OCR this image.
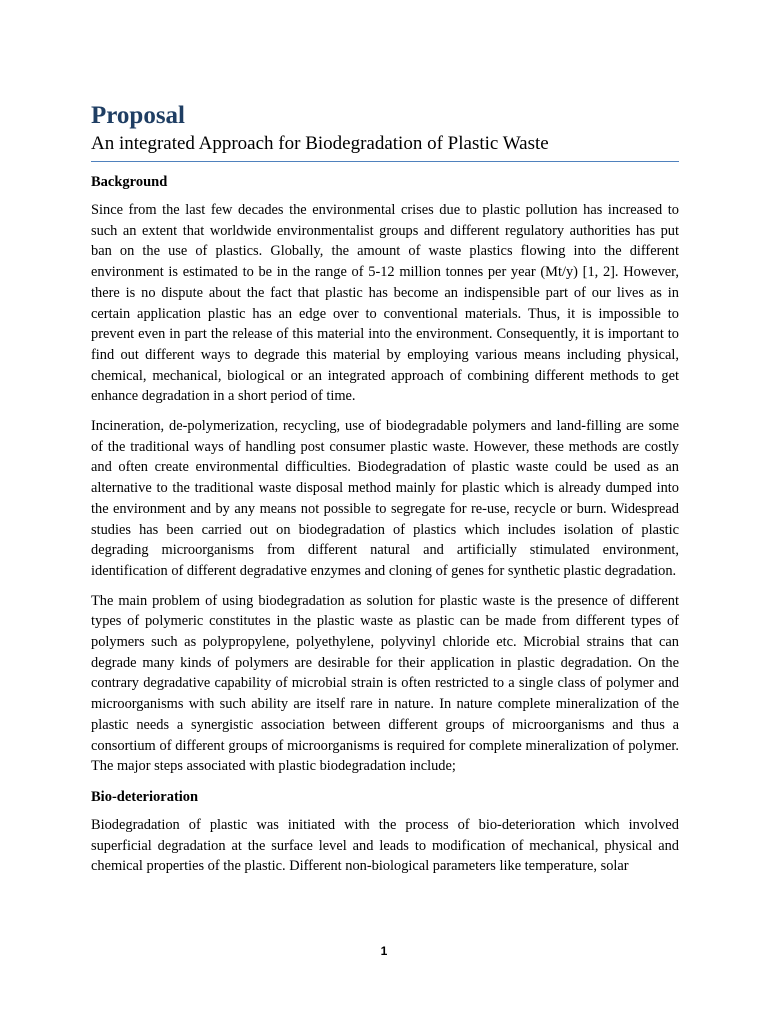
Proposal
An integrated Approach for Biodegradation of Plastic Waste
Background

Since from the last few decades the environmental crises due to plastic pollution has increased to such an extent that worldwide environmentalist groups and different regulatory authorities has put ban on the use of plastics. Globally, the amount of waste plastics flowing into the different environment is estimated to be in the range of 5-12 million tonnes per year (Mt/y) [1, 2]. However, there is no dispute about the fact that plastic has become an indispensible part of our lives as in certain application plastic has an edge over to conventional materials. Thus, it is impossible to prevent even in part the release of this material into the environment. Consequently, it is important to find out different ways to degrade this material by employing various means including physical, chemical, mechanical, biological or an integrated approach of combining different methods to get enhance degradation in a short period of time.

Incineration, de-polymerization, recycling, use of biodegradable polymers and land-filling are some of the traditional ways of handling post consumer plastic waste. However, these methods are costly and often create environmental difficulties. Biodegradation of plastic waste could be used as an alternative to the traditional waste disposal method mainly for plastic which is already dumped into the environment and by any means not possible to segregate for re-use, recycle or burn. Widespread studies has been carried out on biodegradation of plastics which includes isolation of plastic degrading microorganisms from different natural and artificially stimulated environment, identification of different degradative enzymes and cloning of genes for synthetic plastic degradation.

The main problem of using biodegradation as solution for plastic waste is the presence of different types of polymeric constitutes in the plastic waste as plastic can be made from different types of polymers such as polypropylene, polyethylene, polyvinyl chloride etc. Microbial strains that can degrade many kinds of polymers are desirable for their application in plastic degradation. On the contrary degradative capability of microbial strain is often restricted to a single class of polymer and microorganisms with such ability are itself rare in nature. In nature complete mineralization of the plastic needs a synergistic association between different groups of microorganisms and thus a consortium of different groups of microorganisms is required for complete mineralization of polymer. The major steps associated with plastic biodegradation include;

Bio-deterioration

Biodegradation of plastic was initiated with the process of bio-deterioration which involved superficial degradation at the surface level and leads to modification of mechanical, physical and chemical properties of the plastic. Different non-biological parameters like temperature, solar

1
